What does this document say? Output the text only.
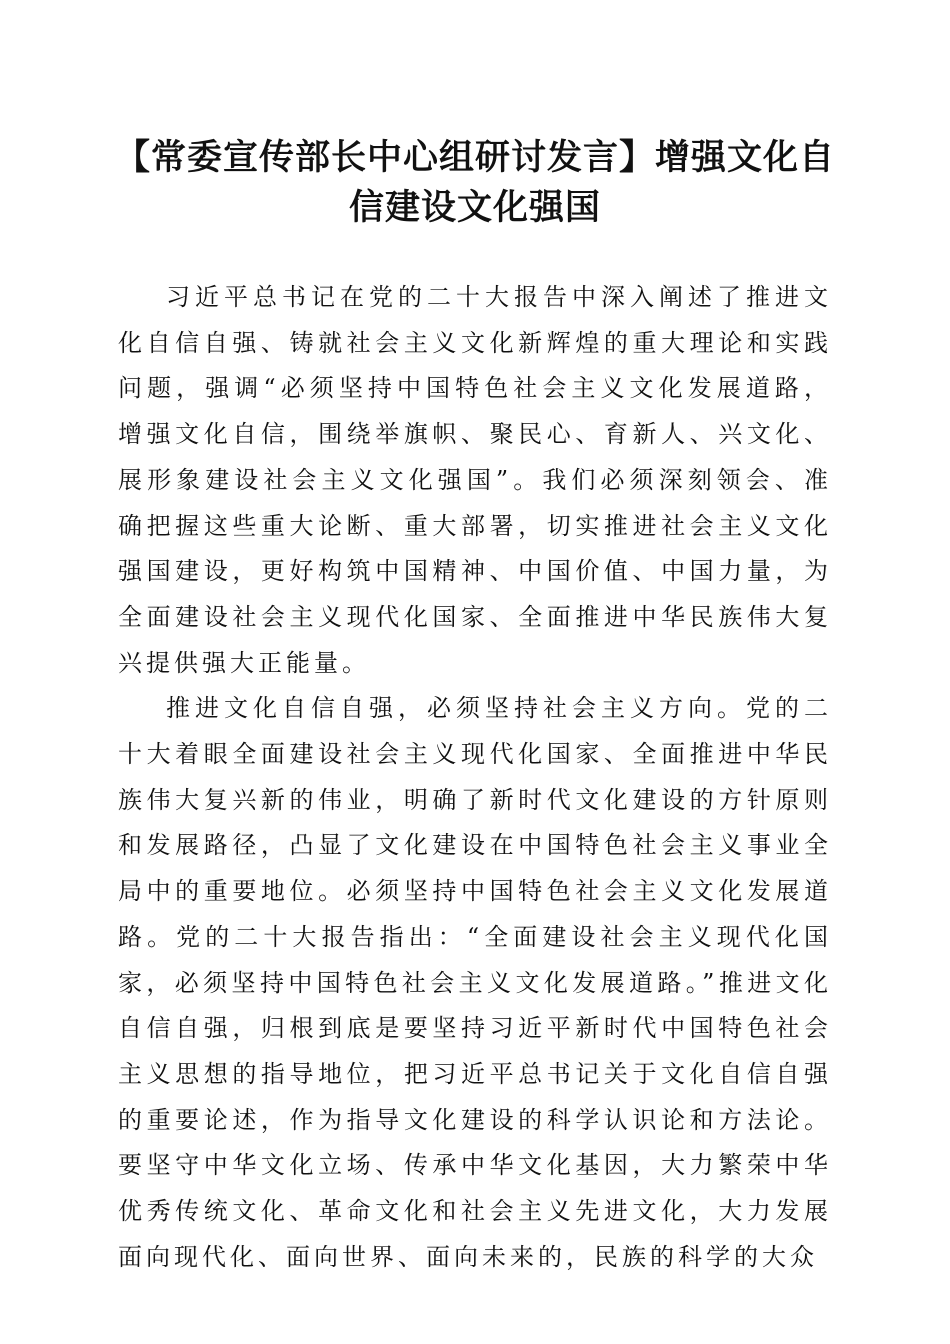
【常委宣传部长中心组研讨发言】增强文化自信建设文化强国

习近平总书记在党的二十大报告中深入阐述了推进文化自信自强、铸就社会主义文化新辉煌的重大理论和实践问题，强调“必须坚持中国特色社会主义文化发展道路，增强文化自信，围绕举旗帜、聚民心、育新人、兴文化、展形象建设社会主义文化强国”。我们必须深刻领会、准确把握这些重大论断、重大部署，切实推进社会主义文化强国建设，更好构筑中国精神、中国价值、中国力量，为全面建设社会主义现代化国家、全面推进中华民族伟大复兴提供强大正能量。

推进文化自信自强，必须坚持社会主义方向。党的二十大着眼全面建设社会主义现代化国家、全面推进中华民族伟大复兴新的伟业，明确了新时代文化建设的方针原则和发展路径，凸显了文化建设在中国特色社会主义事业全局中的重要地位。必须坚持中国特色社会主义文化发展道路。党的二十大报告指出：“全面建设社会主义现代化国家，必须坚持中国特色社会主义文化发展道路。”推进文化自信自强，归根到底是要坚持习近平新时代中国特色社会主义思想的指导地位，把习近平总书记关于文化自信自强的重要论述，作为指导文化建设的科学认识论和方法论。要坚守中华文化立场、传承中华文化基因，大力繁荣中华优秀传统文化、革命文化和社会主义先进文化，大力发展面向现代化、面向世界、面向未来的，民族的科学的大众
